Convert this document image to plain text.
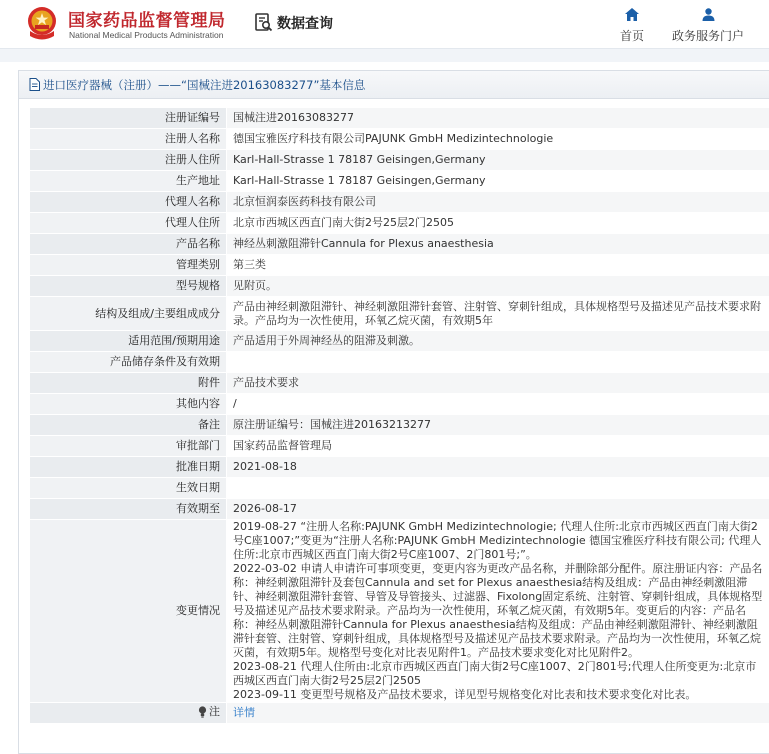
国家药品监督管理局
National Medical Products Administration
数据查询
首页 政务服务门户
进口医疗器械（注册）——“国械注进20163083277”基本信息
注册证编号	国械注进20163083277
注册人名称	德国宝雅医疗科技有限公司PAJUNK GmbH Medizintechnologie
注册人住所	Karl-Hall-Strasse 1 78187 Geisingen,Germany
生产地址	Karl-Hall-Strasse 1 78187 Geisingen,Germany
代理人名称	北京恒润泰医药科技有限公司
代理人住所	北京市西城区西直门南大街2号25层2门2505
产品名称	神经丛刺激阻滞针Cannula for Plexus anaesthesia
管理类别	第三类
型号规格	见附页。
结构及组成/主要组成成分	产品由神经刺激阻滞针、神经刺激阻滞针套管、注射管、穿刺针组成，具体规格型号及描述见产品技术要求附录。产品均为一次性使用，环氧乙烷灭菌，有效期5年

适用范围/预期用途	产品适用于外周神经丛的阻滞及刺激。
产品储存条件及有效期	
附件	产品技术要求
其他内容	/
备注	原注册证编号：国械注进20163213277
审批部门	国家药品监督管理局
批准日期	2021-08-18
生效日期	
有效期至	2026-08-17
变更情况	2019-08-27 “注册人名称:PAJUNK GmbH Medizintechnologie; 代理人住所:北京市西城区西直门南大街2号C座1007;”变更为“注册人名称:PAJUNK GmbH Medizintechnologie 德国宝雅医疗科技有限公司; 代理人住所:北京市西城区西直门南大街2号C座1007、2门801号;”。
2022-03-02 申请人申请许可事项变更，变更内容为更改产品名称，并删除部分配件。原注册证内容：产品名称：神经刺激阻滞针及套包Cannula and set for Plexus anaesthesia结构及组成：产品由神经刺激阻滞针、神经刺激阻滞针套管、导管及导管接头、过滤器、Fixolong固定系统、注射管、穿刺针组成，具体规格型号及描述见产品技术要求附录。产品均为一次性使用，环氧乙烷灭菌，有效期5年。变更后的内容：产品名称：神经丛刺激阻滞针Cannula for Plexus anaesthesia结构及组成：产品由神经刺激阻滞针、神经刺激阻滞针套管、注射管、穿刺针组成，具体规格型号及描述见产品技术要求附录。产品均为一次性使用，环氧乙烷灭菌，有效期5年。规格型号变化对比表见附件1。产品技术要求变化对比见附件2。
2023-08-21 代理人住所由:北京市西城区西直门南大街2号C座1007、2门801号;代理人住所变更为:北京市西城区西直门南大街2号25层2门2505
2023-09-11 变更型号规格及产品技术要求，详见型号规格变化对比表和技术要求变化对比表。

注	详情
